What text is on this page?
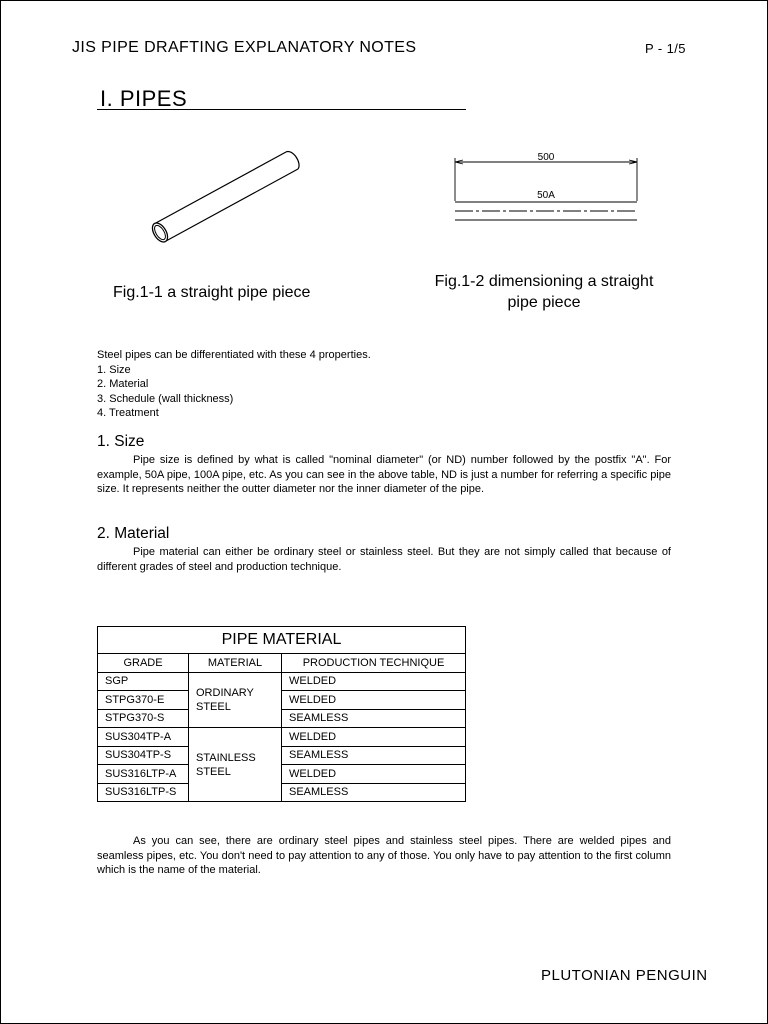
JIS PIPE DRAFTING EXPLANATORY NOTES	P - 1/5
I. PIPES
Fig.1-1 a straight pipe piece
500
50A
Fig.1-2 dimensioning a straight
pipe piece
Steel pipes can be differentiated with these 4 properties.
1. Size
2. Material
3. Schedule (wall thickness)
4. Treatment
1. Size
Pipe size is defined by what is called "nominal diameter" (or ND) number followed by the postfix "A". For example, 50A pipe, 100A pipe, etc. As you can see in the above table, ND is just a number for referring a specific pipe size. It represents neither the outter diameter nor the inner diameter of the pipe.
2. Material
Pipe material can either be ordinary steel or stainless steel. But they are not simply called that because of different grades of steel and production technique.
PIPE MATERIAL		
GRADE	MATERIAL	PRODUCTION TECHNIQUE
SGP	ORDINARY STEEL	WELDED
STPG370-E		WELDED
STPG370-S		SEAMLESS
SUS304TP-A	STAINLESS STEEL	WELDED
SUS304TP-S		SEAMLESS
SUS316LTP-A		WELDED
SUS316LTP-S		SEAMLESS
As you can see, there are ordinary steel pipes and stainless steel pipes. There are welded pipes and seamless pipes, etc. You don't need to pay attention to any of those. You only have to pay attention to the first column which is the name of the material.
PLUTONIAN PENGUIN
